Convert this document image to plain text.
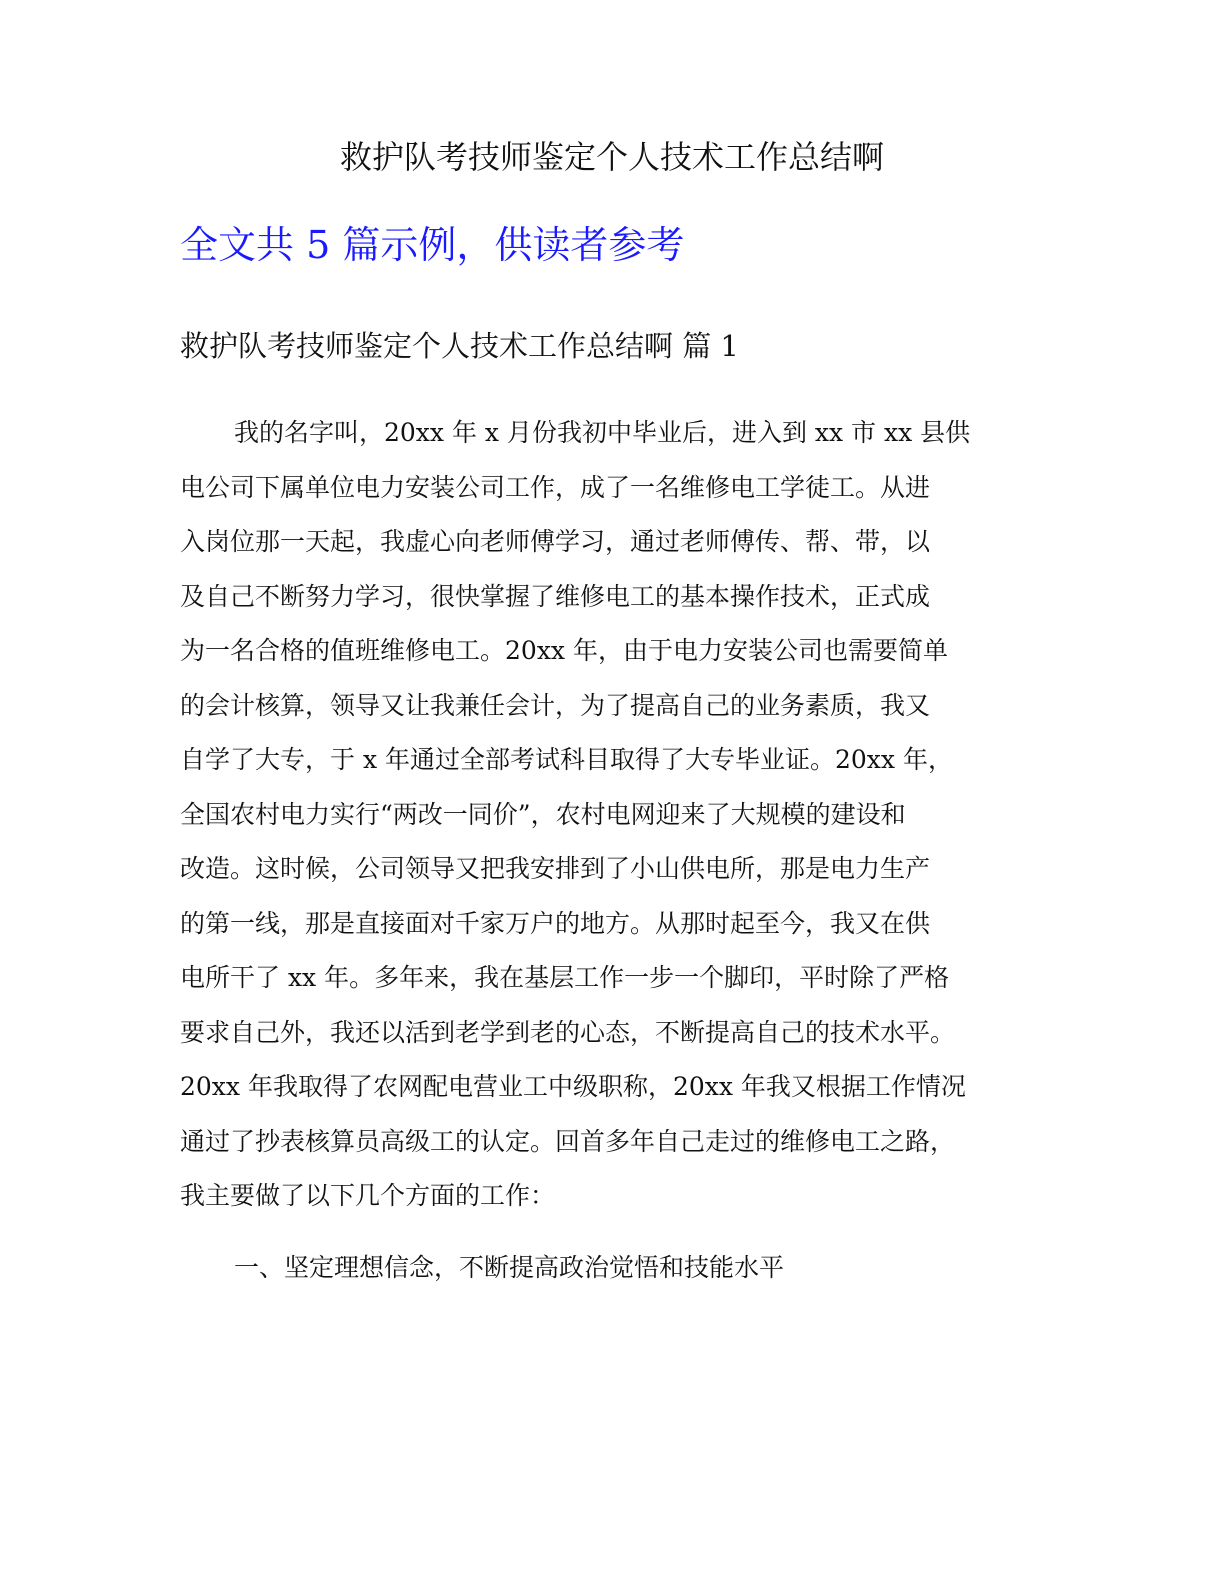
救护队考技师鉴定个人技术工作总结啊
全文共 5 篇示例，供读者参考
救护队考技师鉴定个人技术工作总结啊 篇 1
我的名字叫，20xx 年 x 月份我初中毕业后，进入到 xx 市 xx 县供
电公司下属单位电力安装公司工作，成了一名维修电工学徒工。从进
入岗位那一天起，我虚心向老师傅学习，通过老师傅传、帮、带，以
及自己不断努力学习，很快掌握了维修电工的基本操作技术，正式成
为一名合格的值班维修电工。20xx 年，由于电力安装公司也需要简单
的会计核算，领导又让我兼任会计，为了提高自己的业务素质，我又
自学了大专，于 x 年通过全部考试科目取得了大专毕业证。20xx 年，
全国农村电力实行“两改一同价”，农村电网迎来了大规模的建设和
改造。这时候，公司领导又把我安排到了小山供电所，那是电力生产
的第一线，那是直接面对千家万户的地方。从那时起至今，我又在供
电所干了 xx 年。多年来，我在基层工作一步一个脚印，平时除了严格
要求自己外，我还以活到老学到老的心态，不断提高自己的技术水平。
20xx 年我取得了农网配电营业工中级职称，20xx 年我又根据工作情况
通过了抄表核算员高级工的认定。回首多年自己走过的维修电工之路，
我主要做了以下几个方面的工作：
一、坚定理想信念，不断提高政治觉悟和技能水平
